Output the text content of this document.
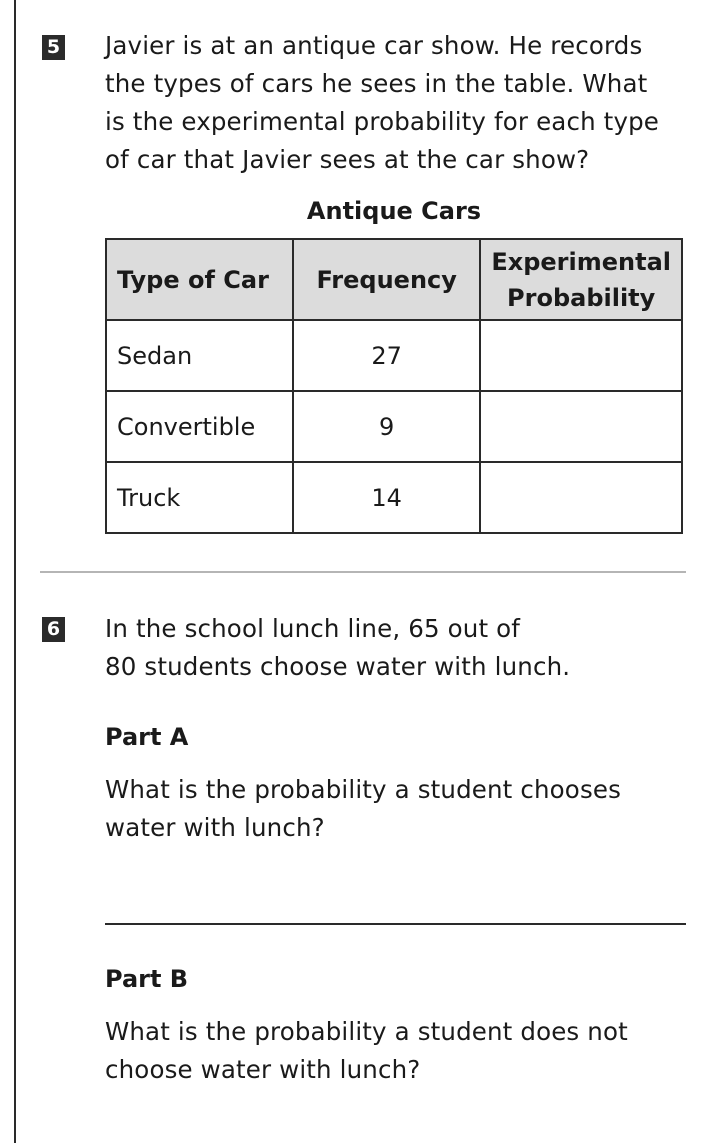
5 Javier is at an antique car show. He records
the types of cars he sees in the table. What
is the experimental probability for each type
of car that Javier sees at the car show?

Antique Cars
Type of Car	Frequency	Experimental
Probability
Sedan	27	
Convertible	9	
Truck	14	
6 In the school lunch line, 65 out of
80 students choose water with lunch.

Part A

What is the probability a student chooses
water with lunch?

Part B

What is the probability a student does not
choose water with lunch?
